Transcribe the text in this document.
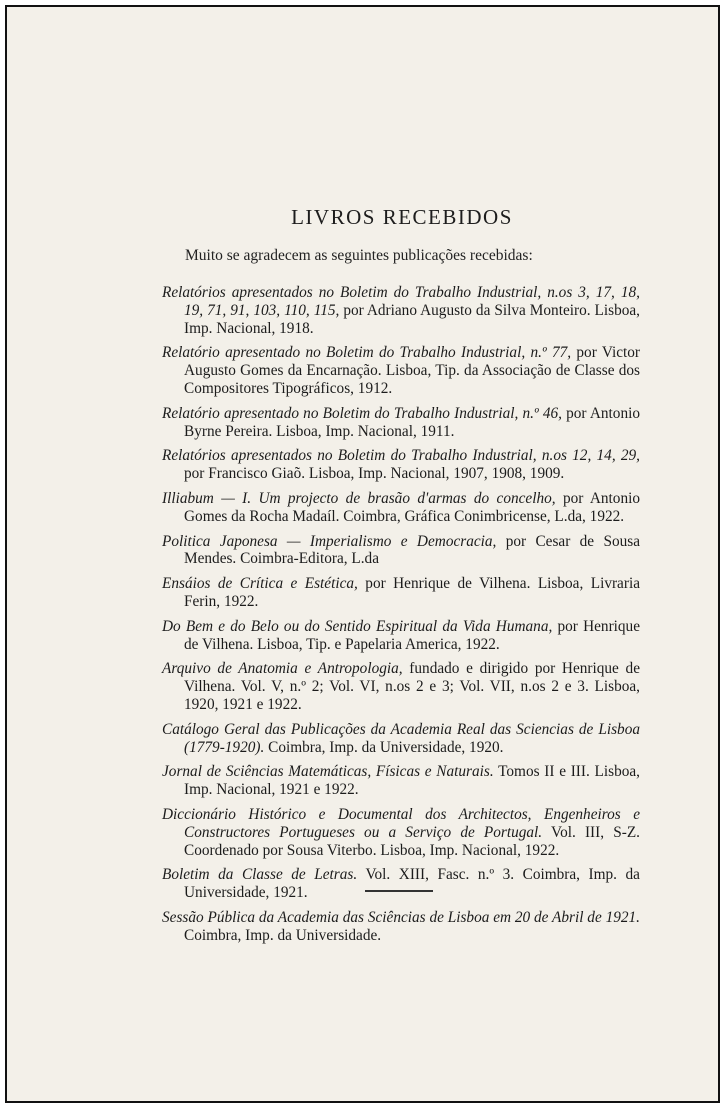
LIVROS RECEBIDOS
Muito se agradecem as seguintes publicações recebidas:

Relatórios apresentados no Boletim do Trabalho Industrial, n.os 3, 17, 18, 19, 71, 91, 103, 110, 115, por Adriano Augusto da Silva Monteiro. Lisboa, Imp. Nacional, 1918.

Relatório apresentado no Boletim do Trabalho Industrial, n.º 77, por Victor Augusto Gomes da Encarnação. Lisboa, Tip. da Associação de Classe dos Compositores Tipográficos, 1912.

Relatório apresentado no Boletim do Trabalho Industrial, n.º 46, por Antonio Byrne Pereira. Lisboa, Imp. Nacional, 1911.

Relatórios apresentados no Boletim do Trabalho Industrial, n.os 12, 14, 29, por Francisco Giaõ. Lisboa, Imp. Nacional, 1907, 1908, 1909.

Illiabum — I. Um projecto de brasão d'armas do concelho, por Antonio Gomes da Rocha Madaíl. Coimbra, Gráfica Conimbricense, L.da, 1922.

Politica Japonesa — Imperialismo e Democracia, por Cesar de Sousa Mendes. Coimbra-Editora, L.da

Ensáios de Crítica e Estética, por Henrique de Vilhena. Lisboa, Livraria Ferin, 1922.

Do Bem e do Belo ou do Sentido Espiritual da Vida Humana, por Henrique de Vilhena. Lisboa, Tip. e Papelaria America, 1922.

Arquivo de Anatomia e Antropologia, fundado e dirigido por Henrique de Vilhena. Vol. V, n.º 2; Vol. VI, n.os 2 e 3; Vol. VII, n.os 2 e 3. Lisboa, 1920, 1921 e 1922.

Catálogo Geral das Publicações da Academia Real das Sciencias de Lisboa (1779-1920). Coimbra, Imp. da Universidade, 1920.

Jornal de Sciências Matemáticas, Físicas e Naturais. Tomos II e III. Lisboa, Imp. Nacional, 1921 e 1922.

Diccionário Histórico e Documental dos Architectos, Engenheiros e Constructores Portugueses ou a Serviço de Portugal. Vol. III, S-Z. Coordenado por Sousa Viterbo. Lisboa, Imp. Nacional, 1922.

Boletim da Classe de Letras. Vol. XIII, Fasc. n.º 3. Coimbra, Imp. da Universidade, 1921.

Sessão Pública da Academia das Sciências de Lisboa em 20 de Abril de 1921. Coimbra, Imp. da Universidade.
